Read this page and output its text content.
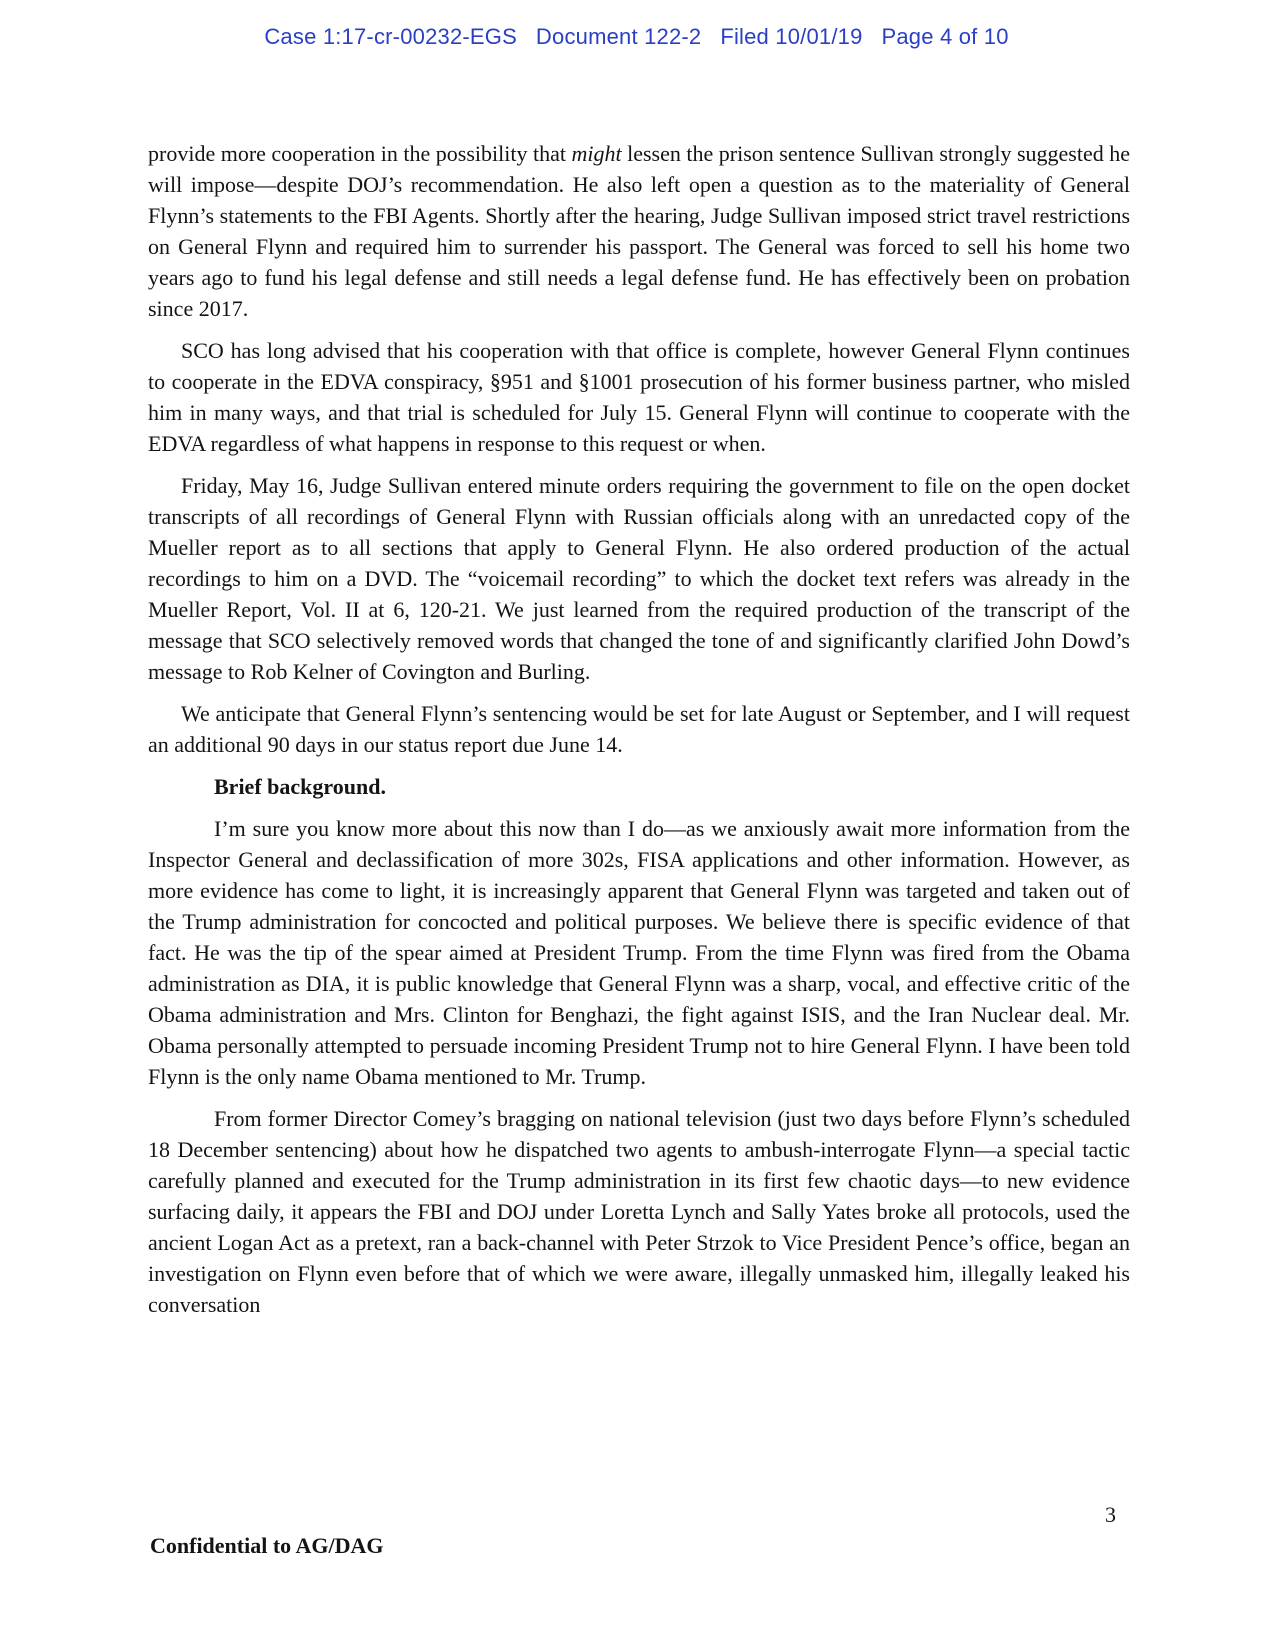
Case 1:17-cr-00232-EGS Document 122-2 Filed 10/01/19 Page 4 of 10

provide more cooperation in the possibility that might lessen the prison sentence Sullivan strongly suggested he will impose—despite DOJ’s recommendation. He also left open a question as to the materiality of General Flynn’s statements to the FBI Agents. Shortly after the hearing, Judge Sullivan imposed strict travel restrictions on General Flynn and required him to surrender his passport. The General was forced to sell his home two years ago to fund his legal defense and still needs a legal defense fund. He has effectively been on probation since 2017.

SCO has long advised that his cooperation with that office is complete, however General Flynn continues to cooperate in the EDVA conspiracy, §951 and §1001 prosecution of his former business partner, who misled him in many ways, and that trial is scheduled for July 15. General Flynn will continue to cooperate with the EDVA regardless of what happens in response to this request or when.

Friday, May 16, Judge Sullivan entered minute orders requiring the government to file on the open docket transcripts of all recordings of General Flynn with Russian officials along with an unredacted copy of the Mueller report as to all sections that apply to General Flynn. He also ordered production of the actual recordings to him on a DVD. The “voicemail recording” to which the docket text refers was already in the Mueller Report, Vol. II at 6, 120-21. We just learned from the required production of the transcript of the message that SCO selectively removed words that changed the tone of and significantly clarified John Dowd’s message to Rob Kelner of Covington and Burling.

We anticipate that General Flynn’s sentencing would be set for late August or September, and I will request an additional 90 days in our status report due June 14.

Brief background.

I’m sure you know more about this now than I do—as we anxiously await more information from the Inspector General and declassification of more 302s, FISA applications and other information. However, as more evidence has come to light, it is increasingly apparent that General Flynn was targeted and taken out of the Trump administration for concocted and political purposes. We believe there is specific evidence of that fact. He was the tip of the spear aimed at President Trump. From the time Flynn was fired from the Obama administration as DIA, it is public knowledge that General Flynn was a sharp, vocal, and effective critic of the Obama administration and Mrs. Clinton for Benghazi, the fight against ISIS, and the Iran Nuclear deal. Mr. Obama personally attempted to persuade incoming President Trump not to hire General Flynn. I have been told Flynn is the only name Obama mentioned to Mr. Trump.

From former Director Comey’s bragging on national television (just two days before Flynn’s scheduled 18 December sentencing) about how he dispatched two agents to ambush-interrogate Flynn—a special tactic carefully planned and executed for the Trump administration in its first few chaotic days—to new evidence surfacing daily, it appears the FBI and DOJ under Loretta Lynch and Sally Yates broke all protocols, used the ancient Logan Act as a pretext, ran a back-channel with Peter Strzok to Vice President Pence’s office, began an investigation on Flynn even before that of which we were aware, illegally unmasked him, illegally leaked his conversation

3
Confidential to AG/DAG
